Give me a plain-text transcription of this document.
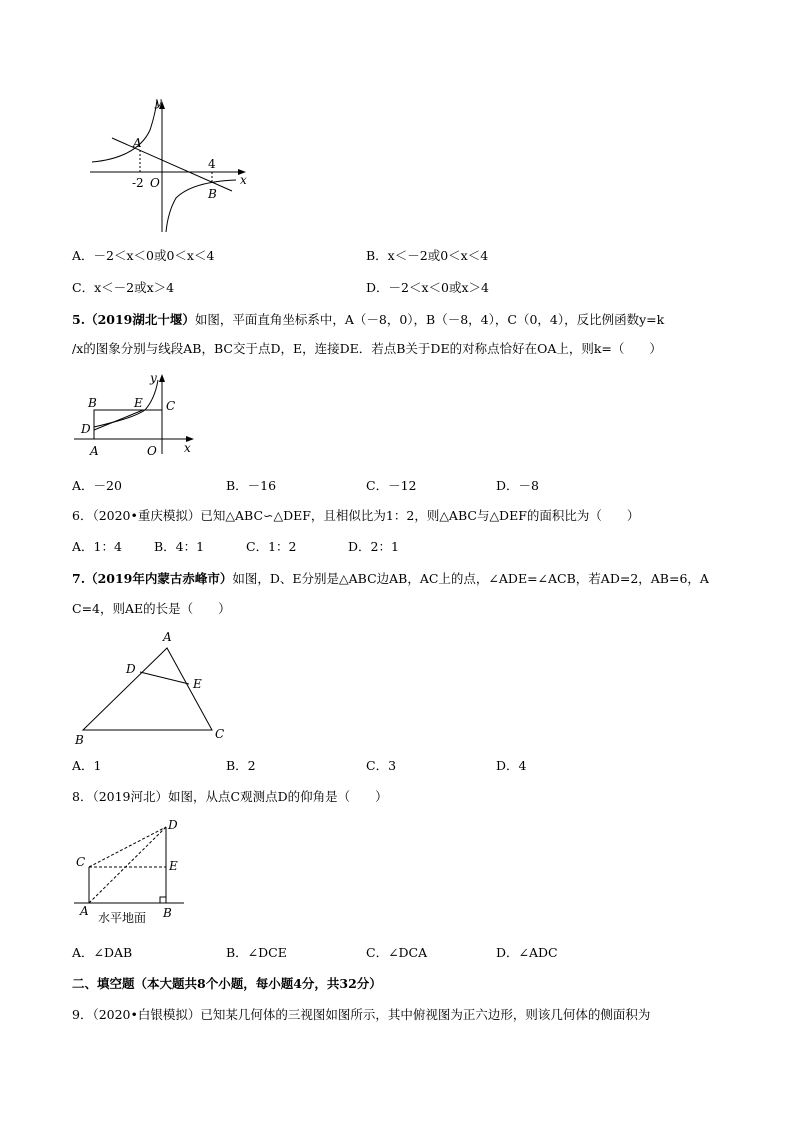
y
x
A
-2 O
4
B
A．－2＜x＜0或0＜x＜4	B．x＜－2或0＜x＜4
C．x＜－2或x＞4	D．－2＜x＜0或x＞4
5.（2019湖北十堰）如图，平面直角坐标系中，A（－8，0），B（－8，4），C（0，4），反比例函数y=k
/x的图象分别与线段AB，BC交于点D，E，连接DE．若点B关于DE的对称点恰好在OA上，则k=（　　）
y
x
B	E C
D
A	O
A．－20	B．－16	C．－12	D．－8
6．（2020•重庆模拟）已知△ABC∽△DEF，且相似比为1：2，则△ABC与△DEF的面积比为（　　）
A．1：4	B．4：1	C．1：2	D．2：1
7.（2019年内蒙古赤峰市）如图，D、E分别是△ABC边AB，AC上的点，∠ADE=∠ACB，若AD=2，AB=6，A
C=4，则AE的长是（　　）
A
D
E
B	C
A．1	B．2	C．3	D．4
8．（2019河北）如图，从点C观测点D的仰角是（　　）
D
C	E
A	B
水平地面
A．∠DAB	B．∠DCE	C．∠DCA	D．∠ADC
二、填空题（本大题共8个小题，每小题4分，共32分）
9．（2020•白银模拟）已知某几何体的三视图如图所示，其中俯视图为正六边形，则该几何体的侧面积为
